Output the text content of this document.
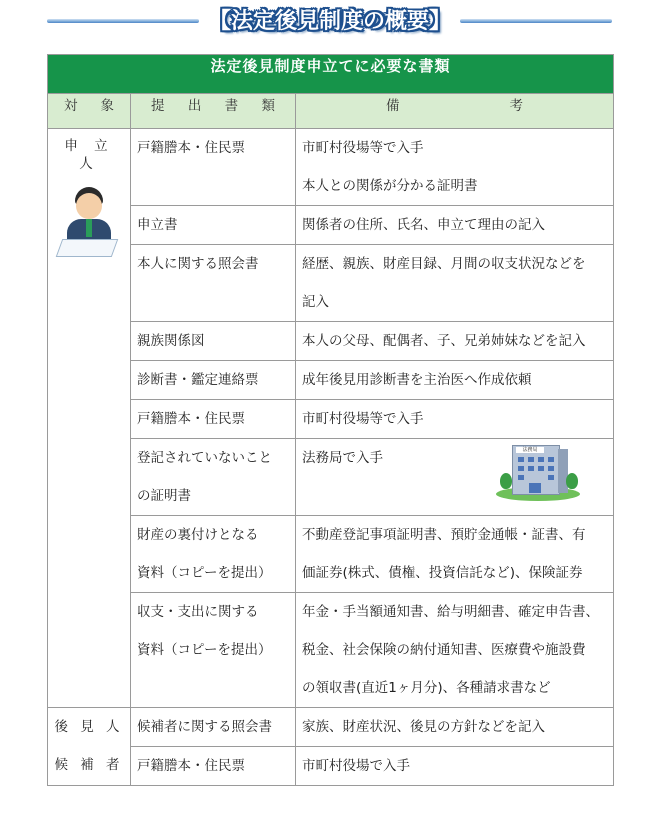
【法定後見制度の概要】
法定後見制度申立てに必要な書類		

対 象	提 出 書 類	備 考

申 立 人	戸籍謄本・住民票	市町村役場等で入手
本人との関係が分かる証明書

	申立書	関係者の住所、氏名、申立て理由の記入

	本人に関する照会書	経歴、親族、財産目録、月間の収支状況などを
記入

	親族関係図	本人の父母、配偶者、子、兄弟姉妹などを記入

	診断書・鑑定連絡票	成年後見用診断書を主治医へ作成依頼

	戸籍謄本・住民票	市町村役場等で入手

	登記されていないこと
の証明書	法務局で入手 法務局

	財産の裏付けとなる
資料（コピーを提出）	不動産登記事項証明書、預貯金通帳・証書、有
価証券(株式、債権、投資信託など)、保険証券

	収支・支出に関する
資料（コピーを提出）	年金・手当額通知書、給与明細書、確定申告書、
税金、社会保険の納付通知書、医療費や施設費
の領収書(直近1ヶ月分)、各種請求書など

後 見 人
候 補 者	候補者に関する照会書	家族、財産状況、後見の方針などを記入

	戸籍謄本・住民票	市町村役場で入手
